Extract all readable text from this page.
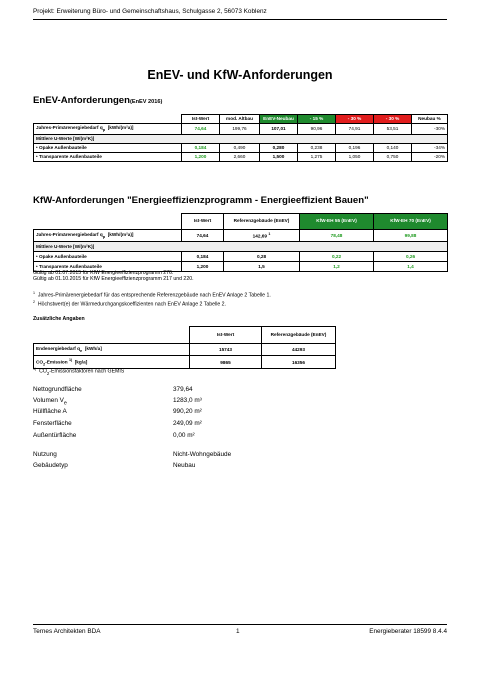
Projekt: Erweiterung Büro- und Gemeinschaftshaus, Schulgasse 2, 56073 Koblenz
EnEV- und KfW-Anforderungen
EnEV-Anforderungen(EnEV 2016)
	Ist-Wert	mod. Altbau	EnEV-Neubau	- 15 %	- 30 %	- 30 %	Neubau %
Jahres-Primärenergiebedarf $q_p$ [kWh/(m²a)]	74,64	199,76	107,01	90,96	74,91	53,51	-30%
Mittlere U-Werte [W/(m²K)]							
• Opake Außenbauteile	0,184	0,490	0,280	0,238	0,196	0,140	-34%
• Transparente Außenbauteile	1,200	2,660	1,500	1,275	1,050	0,750	-20%
KfW-Anforderungen "Energieeffizienzprogramm - Energieeffizient Bauen"
	Ist-Wert	Referenzgebäude (EnEV)	KfW-EH 55 (EnEV)	KfW-EH 70 (EnEV)
Jahres-Primärenergiebedarf $q_p$ [kWh/(m²a)]	74,64	142,69 $^1$	78,48	99,88
Mittlere U-Werte [W/(m²K)]				
• Opake Außenbauteile	0,184	0,28	0,22	0,26
• Transparente Außenbauteile	1,200	1,5	1,2	1,4
Gültig ab 01.07.2015 für KfW Energieeffizienzprogramm 276.
Gültig ab 01.10.2015 für KfW Energieeffizienzprogramm 217 und 220.
$^1$ Jahres-Primärenergiebedarf für das entsprechende Referenzgebäude nach EnEV Anlage 2 Tabelle 1.
$^2$ Höchstwert(e) der Wärmedurchgangskoeffizienten nach EnEV Anlage 2 Tabelle 2.
Zusätzliche Angaben
	Ist-Wert	Referenzgebäude (EnEV)
Endenergiebedarf $q_e$ [kWh/a]	15743	44293
$CO_2$-Emission $^{1)}$ [kg/a]	9865	16356
$^{1)}$ $CO_2$-Emissionsfaktoren nach GEMIS
Nettogrundfläche	379,64
Volumen $V_e$	1283,0 m³
Hüllfläche A	990,20 m²
Fensterfläche	249,09 m²
Außentürfläche	0,00 m²
Nutzung	Nicht-Wohngebäude
Gebäudetyp	Neubau
Ternes Architekten BDA	1	Energieberater 18599 8.4.4
